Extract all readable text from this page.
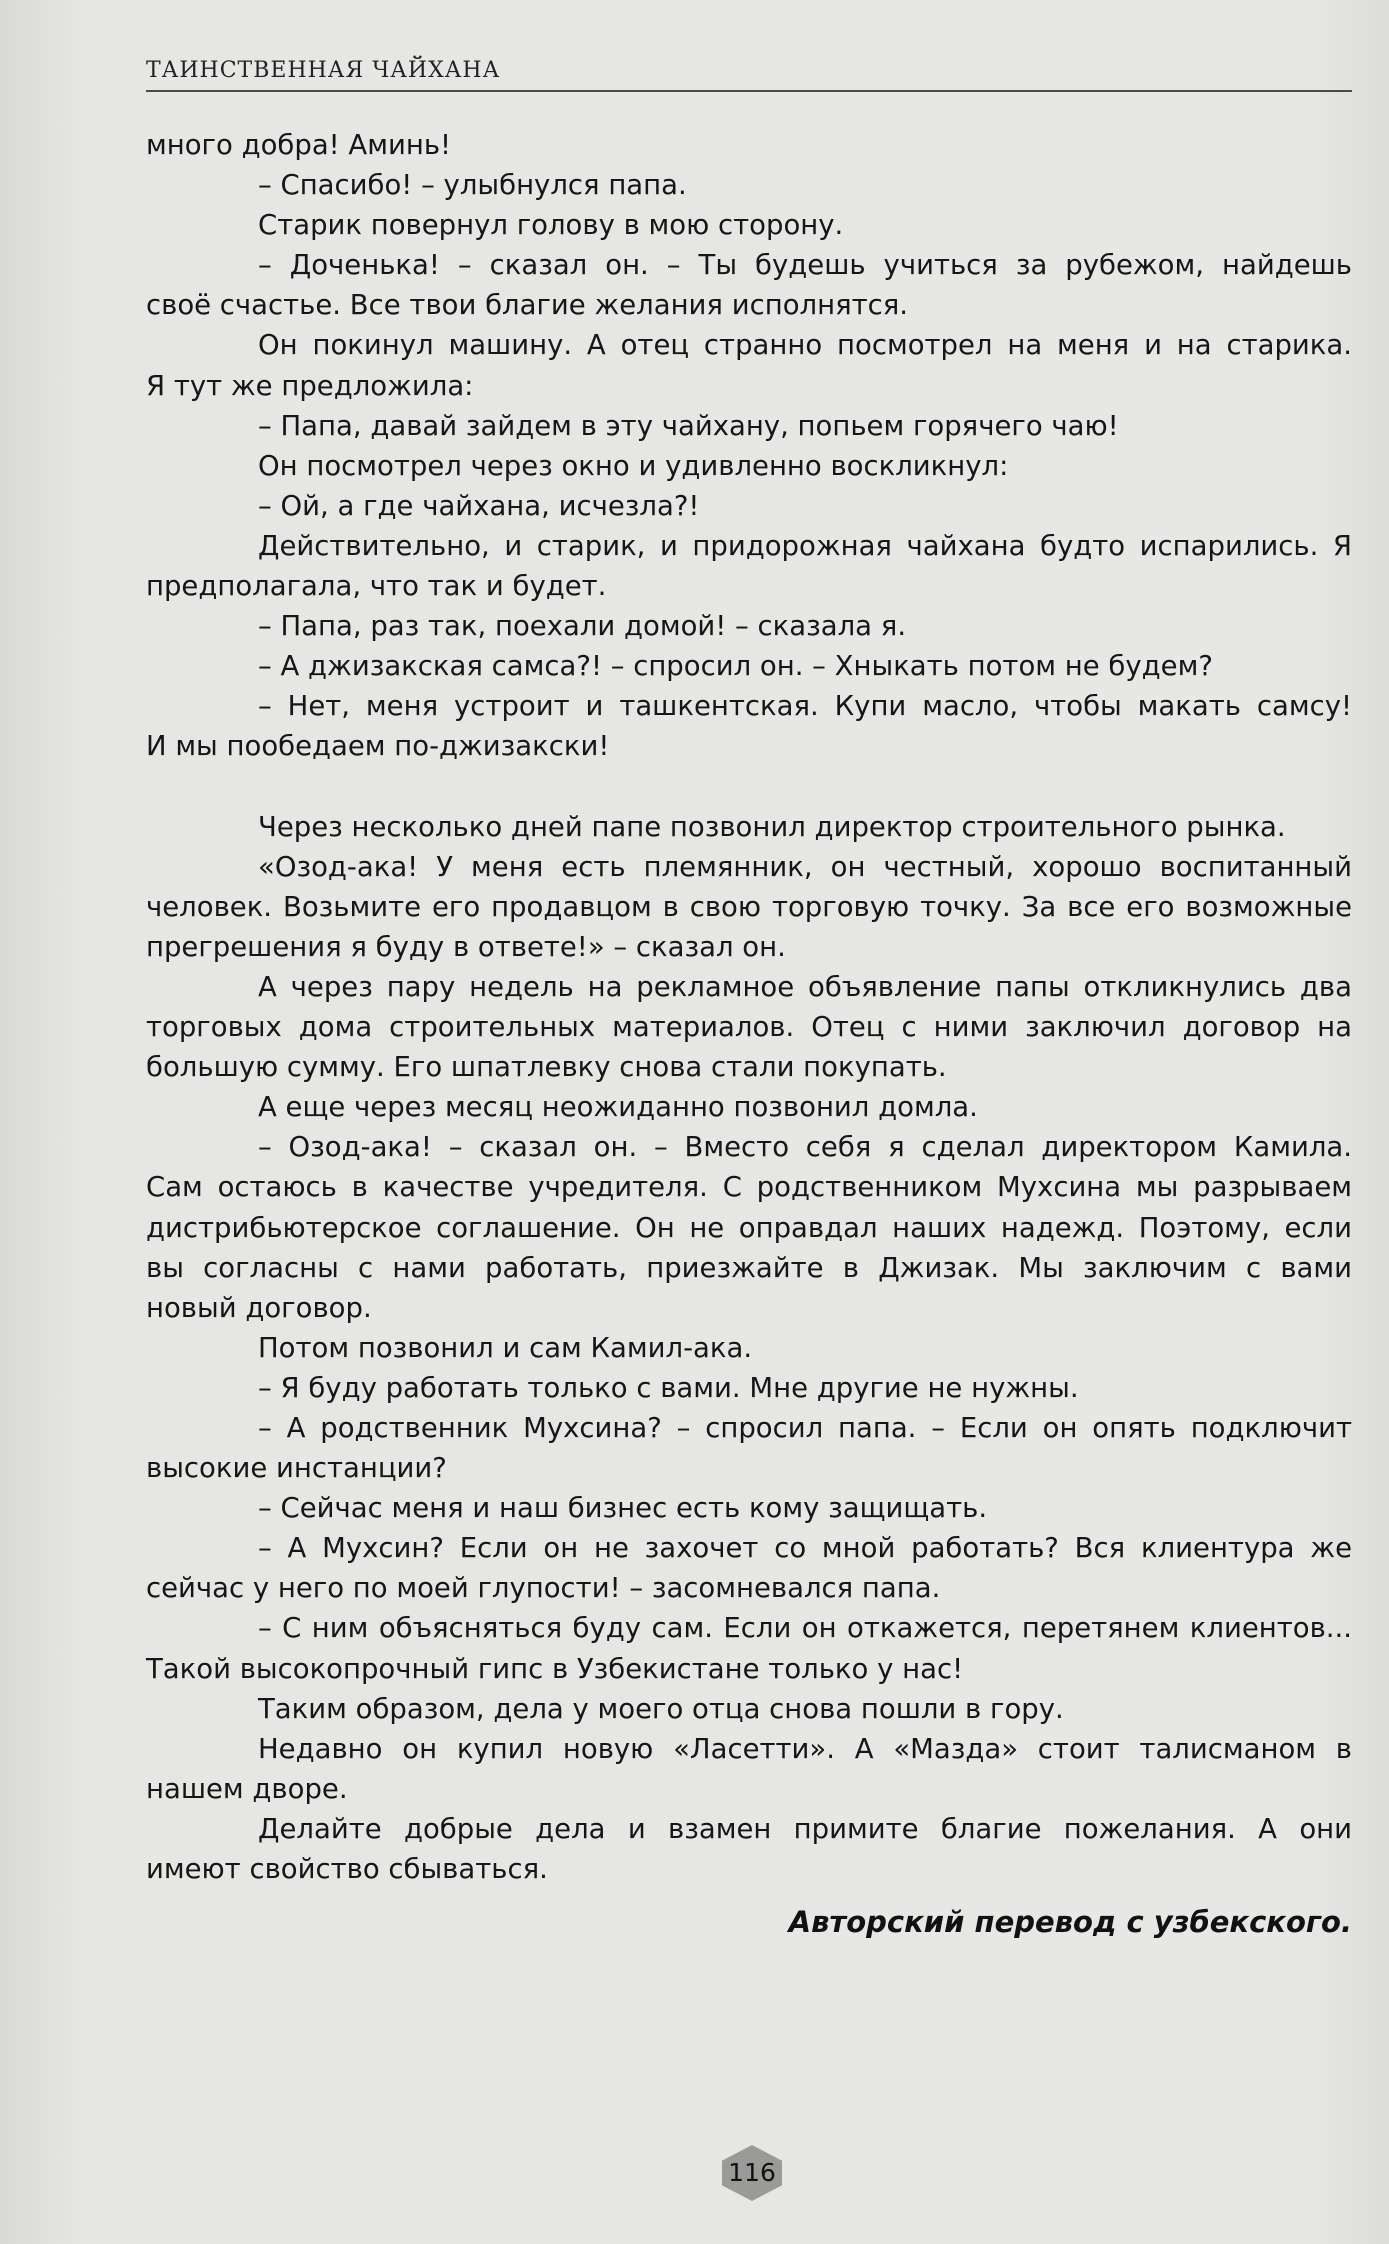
ТАИНСТВЕННАЯ ЧАЙХАНА
много добра! Аминь!
– Спасибо! – улыбнулся папа.
Старик повернул голову в мою сторону.
– Доченька! – сказал он. – Ты будешь учиться за рубежом, найдешь
своё счастье. Все твои благие желания исполнятся.
Он покинул машину. А отец странно посмотрел на меня и на старика.
Я тут же предложила:
– Папа, давай зайдем в эту чайхану, попьем горячего чаю!
Он посмотрел через окно и удивленно воскликнул:
– Ой, а где чайхана, исчезла?!
Действительно, и старик, и придорожная чайхана будто испарились. Я
предполагала, что так и будет.
– Папа, раз так, поехали домой! – сказала я.
– А джизакская самса?! – спросил он. – Хныкать потом не будем?
– Нет, меня устроит и ташкентская. Купи масло, чтобы макать самсу!
И мы пообедаем по-джизакски!
Через несколько дней папе позвонил директор строительного рынка.
«Озод-ака! У меня есть племянник, он честный, хорошо воспитанный
человек. Возьмите его продавцом в свою торговую точку. За все его возможные
прегрешения я буду в ответе!» – сказал он.
А через пару недель на рекламное объявление папы откликнулись два
торговых дома строительных материалов. Отец с ними заключил договор на
большую сумму. Его шпатлевку снова стали покупать.
А еще через месяц неожиданно позвонил домла.
– Озод-ака! – сказал он. – Вместо себя я сделал директором Камила.
Сам остаюсь в качестве учредителя. С родственником Мухсина мы разрываем
дистрибьютерское соглашение. Он не оправдал наших надежд. Поэтому, если
вы согласны с нами работать, приезжайте в Джизак. Мы заключим с вами
новый договор.
Потом позвонил и сам Камил-ака.
– Я буду работать только с вами. Мне другие не нужны.
– А родственник Мухсина? – спросил папа. – Если он опять подключит
высокие инстанции?
– Сейчас меня и наш бизнес есть кому защищать.
– А Мухсин? Если он не захочет со мной работать? Вся клиентура же
сейчас у него по моей глупости! – засомневался папа.
– С ним объясняться буду сам. Если он откажется, перетянем клиентов...
Такой высокопрочный гипс в Узбекистане только у нас!
Таким образом, дела у моего отца снова пошли в гору.
Недавно он купил новую «Ласетти». А «Мазда» стоит талисманом в
нашем дворе.
Делайте добрые дела и взамен примите благие пожелания. А они
имеют свойство сбываться.
Авторский перевод с узбекского.
116
